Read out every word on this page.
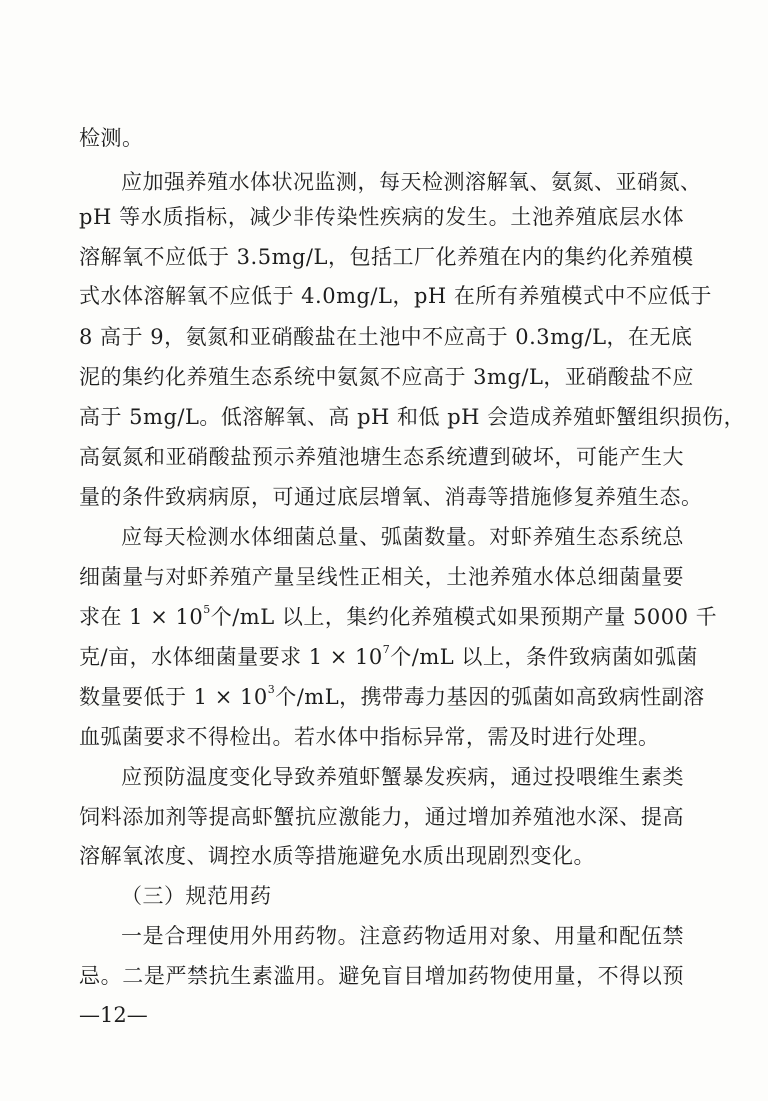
检测。
应加强养殖水体状况监测，每天检测溶解氧、氨氮、亚硝氮、
pH 等水质指标，减少非传染性疾病的发生。土池养殖底层水体
溶解氧不应低于 3.5mg/L，包括工厂化养殖在内的集约化养殖模
式水体溶解氧不应低于 4.0mg/L，pH 在所有养殖模式中不应低于
8 高于 9，氨氮和亚硝酸盐在土池中不应高于 0.3mg/L，在无底
泥的集约化养殖生态系统中氨氮不应高于 3mg/L，亚硝酸盐不应
高于 5mg/L。低溶解氧、高 pH 和低 pH 会造成养殖虾蟹组织损伤，
高氨氮和亚硝酸盐预示养殖池塘生态系统遭到破坏，可能产生大
量的条件致病病原，可通过底层增氧、消毒等措施修复养殖生态。
应每天检测水体细菌总量、弧菌数量。对虾养殖生态系统总
细菌量与对虾养殖产量呈线性正相关，土池养殖水体总细菌量要
求在 $1 \times 10^5$个/mL 以上，集约化养殖模式如果预期产量 5000 千
克/亩，水体细菌量要求 $1 \times 10^7$个/mL 以上，条件致病菌如弧菌
数量要低于 $1 \times 10^3$个/mL，携带毒力基因的弧菌如高致病性副溶
血弧菌要求不得检出。若水体中指标异常，需及时进行处理。
应预防温度变化导致养殖虾蟹暴发疾病，通过投喂维生素类
饲料添加剂等提高虾蟹抗应激能力，通过增加养殖池水深、提高
溶解氧浓度、调控水质等措施避免水质出现剧烈变化。
（三）规范用药
一是合理使用外用药物。注意药物适用对象、用量和配伍禁
忌。二是严禁抗生素滥用。避免盲目增加药物使用量，不得以预
—12—
